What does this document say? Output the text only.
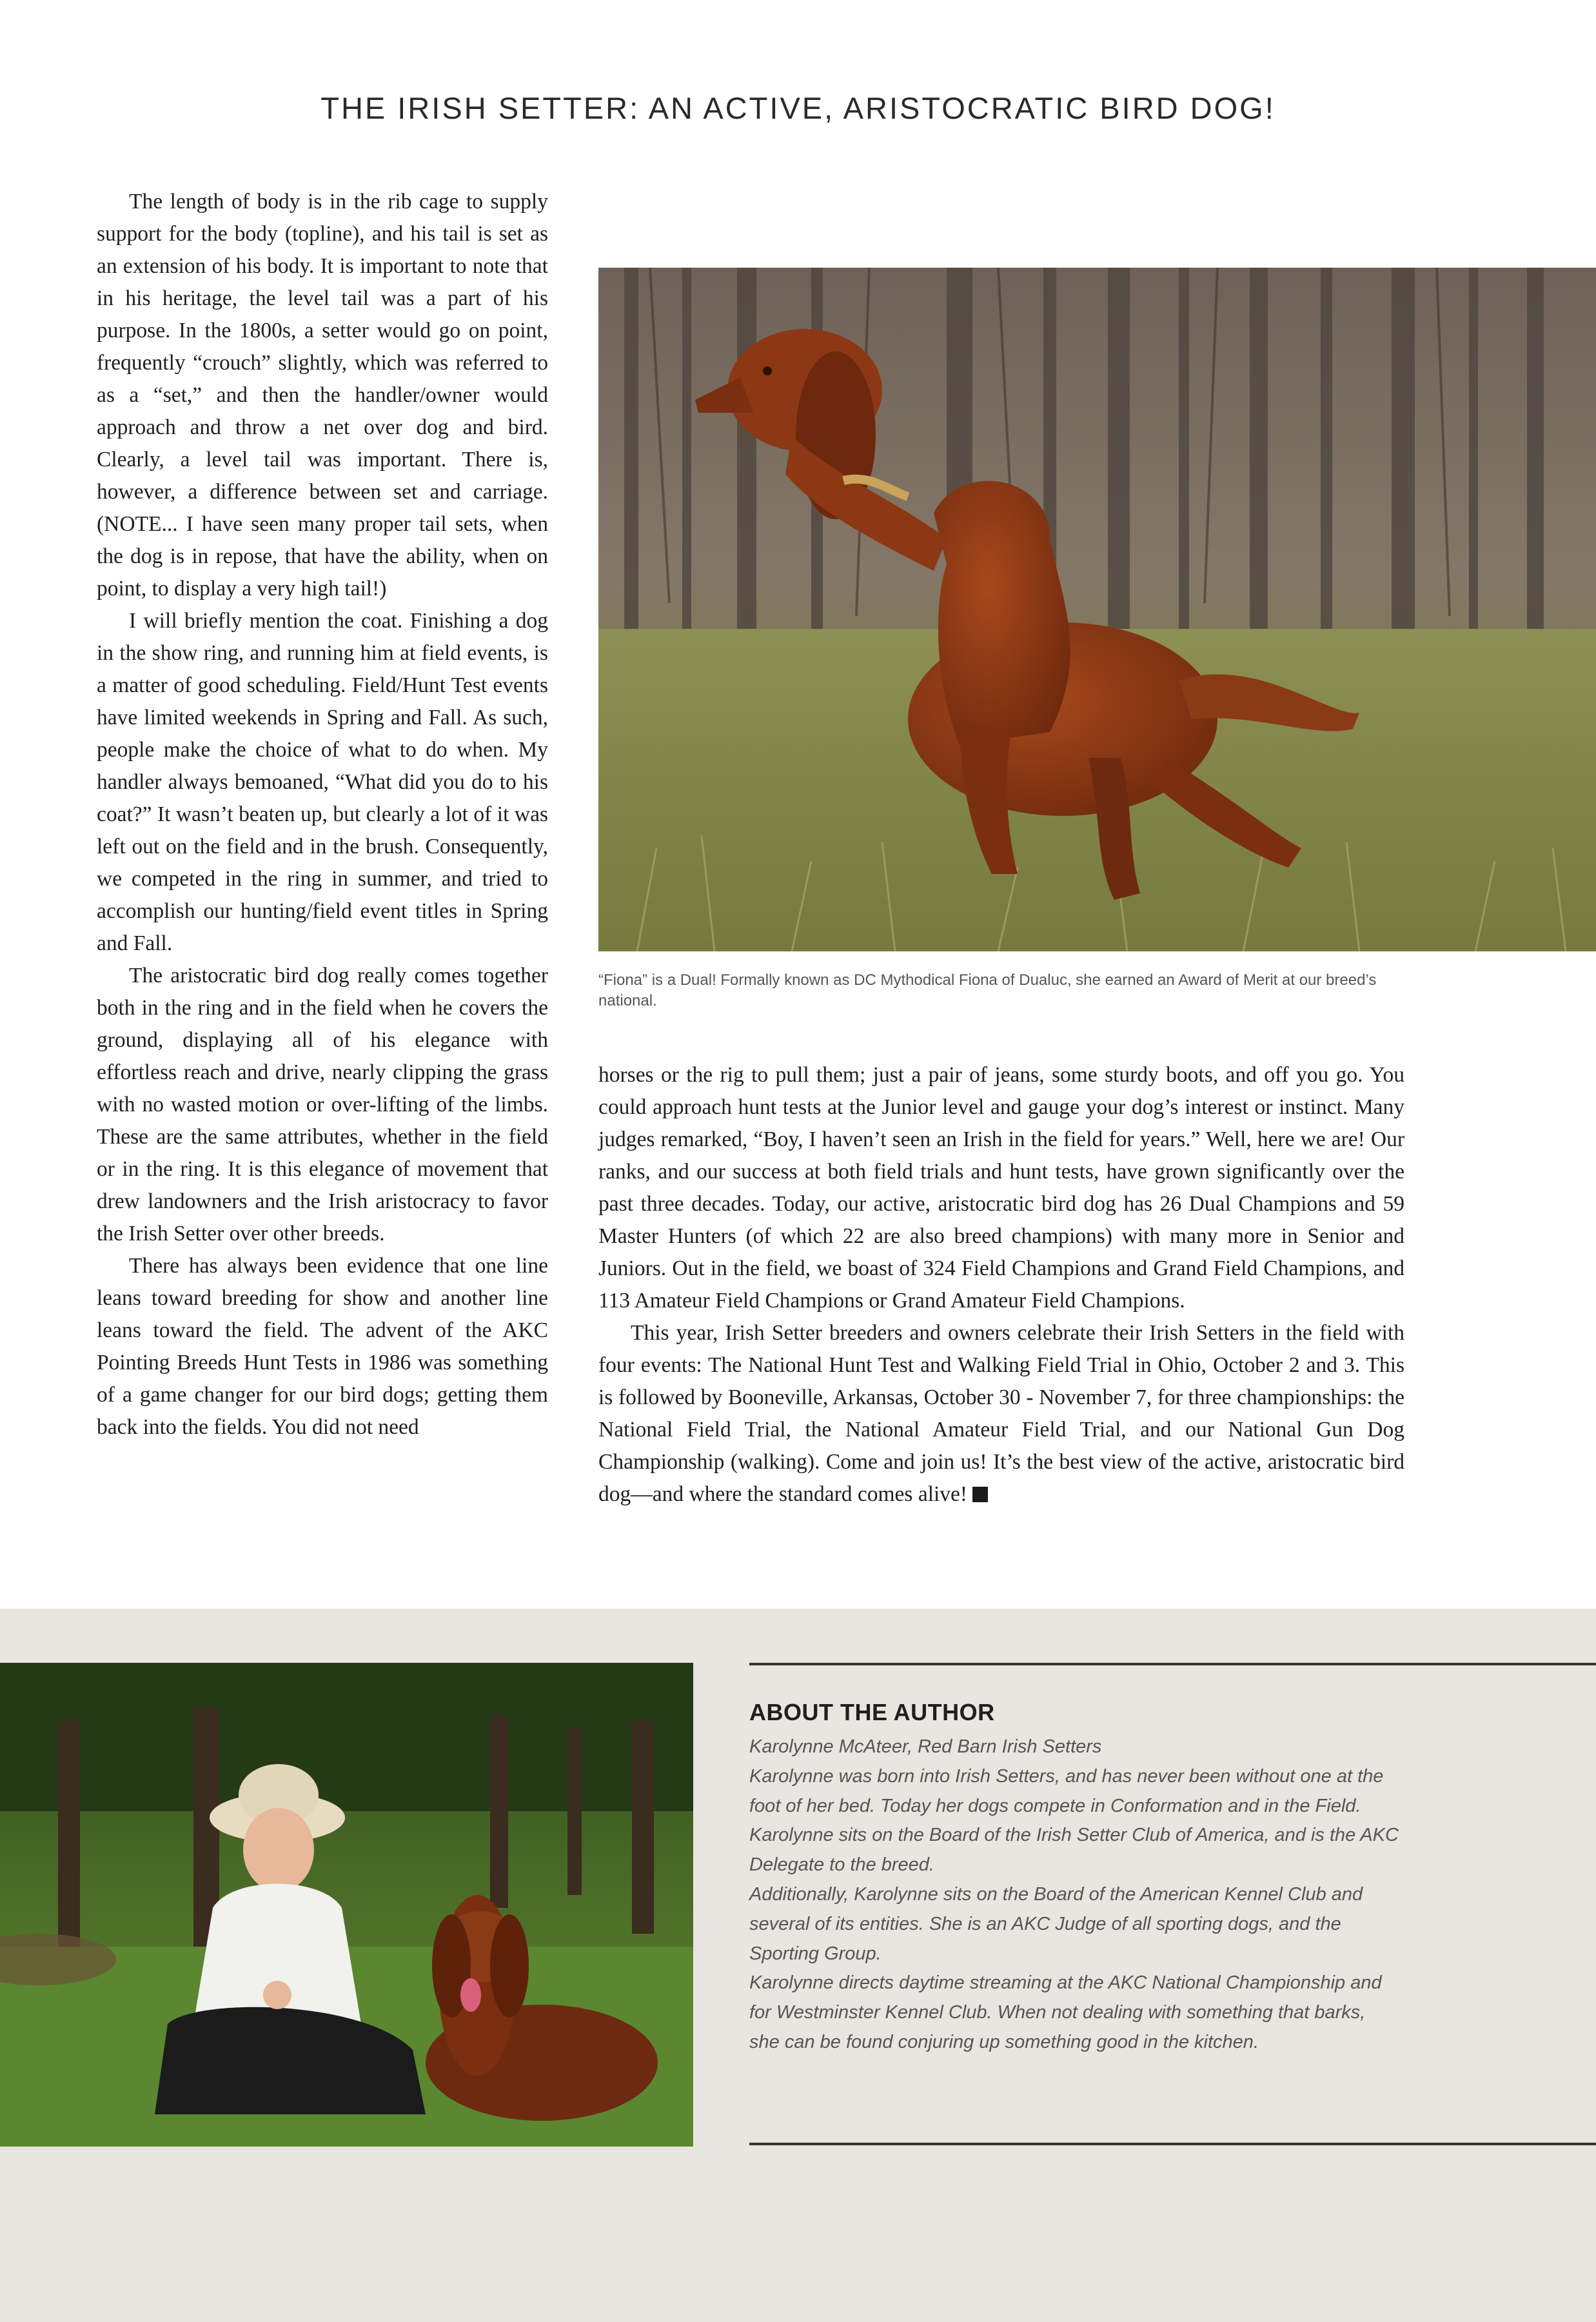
THE IRISH SETTER: AN ACTIVE, ARISTOCRATIC BIRD DOG!

The length of body is in the rib cage to supply support for the body (topline), and his tail is set as an extension of his body. It is important to note that in his heritage, the level tail was a part of his purpose. In the 1800s, a setter would go on point, frequently “crouch” slightly, which was referred to as a “set,” and then the handler/owner would approach and throw a net over dog and bird. Clearly, a level tail was important. There is, however, a difference between set and carriage. (NOTE... I have seen many proper tail sets, when the dog is in repose, that have the ability, when on point, to display a very high tail!)

I will briefly mention the coat. Finishing a dog in the show ring, and running him at field events, is a matter of good scheduling. Field/Hunt Test events have limited weekends in Spring and Fall. As such, people make the choice of what to do when. My handler always bemoaned, “What did you do to his coat?” It wasn’t beaten up, but clearly a lot of it was left out on the field and in the brush. Consequently, we competed in the ring in summer, and tried to accomplish our hunting/field event titles in Spring and Fall.

The aristocratic bird dog really comes together both in the ring and in the field when he covers the ground, displaying all of his elegance with effortless reach and drive, nearly clipping the grass with no wasted motion or over-lifting of the limbs. These are the same attributes, whether in the field or in the ring. It is this elegance of movement that drew landowners and the Irish aristocracy to favor the Irish Setter over other breeds.

There has always been evidence that one line leans toward breeding for show and another line leans toward the field. The advent of the AKC Pointing Breeds Hunt Tests in 1986 was something of a game changer for our bird dogs; getting them back into the fields. You did not need

“Fiona” is a Dual! Formally known as DC Mythodical Fiona of Dualuc, she earned an Award of Merit at our breed’s national.

horses or the rig to pull them; just a pair of jeans, some sturdy boots, and off you go. You could approach hunt tests at the Junior level and gauge your dog’s interest or instinct. Many judges remarked, “Boy, I haven’t seen an Irish in the field for years.” Well, here we are! Our ranks, and our success at both field trials and hunt tests, have grown significantly over the past three decades. Today, our active, aristocratic bird dog has 26 Dual Champions and 59 Master Hunters (of which 22 are also breed champions) with many more in Senior and Juniors. Out in the field, we boast of 324 Field Champions and Grand Field Champions, and 113 Amateur Field Champions or Grand Amateur Field Champions.

This year, Irish Setter breeders and owners celebrate their Irish Setters in the field with four events: The National Hunt Test and Walking Field Trial in Ohio, October 2 and 3. This is followed by Booneville, Arkansas, October 30 - November 7, for three championships: the National Field Trial, the National Amateur Field Trial, and our National Gun Dog Championship (walking). Come and join us! It’s the best view of the active, aristocratic bird dog—and where the standard comes alive!

ABOUT THE AUTHOR
Karolynne McAteer, Red Barn Irish Setters
Karolynne was born into Irish Setters, and has never been without one at the foot of her bed. Today her dogs compete in Conformation and in the Field.
Karolynne sits on the Board of the Irish Setter Club of America, and is the AKC Delegate to the breed.
Additionally, Karolynne sits on the Board of the American Kennel Club and several of its entities. She is an AKC Judge of all sporting dogs, and the Sporting Group.
Karolynne directs daytime streaming at the AKC National Championship and for Westminster Kennel Club. When not dealing with something that barks, she can be found conjuring up something good in the kitchen.
